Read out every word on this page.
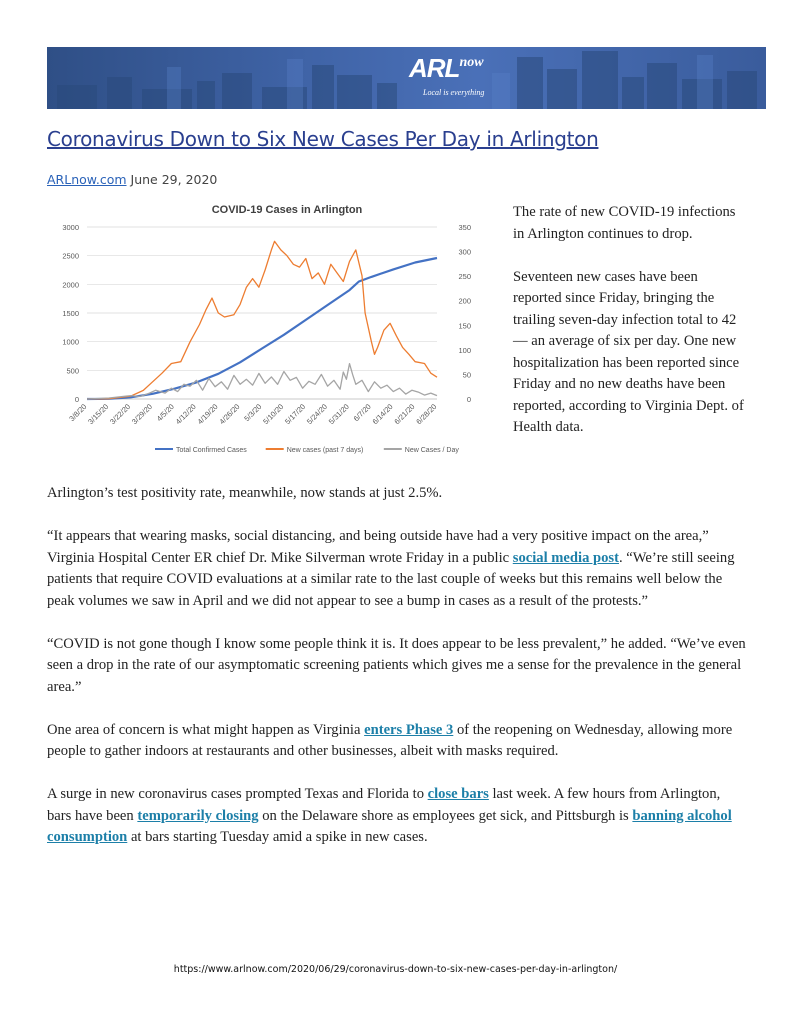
ARLnow
Local is everything
Coronavirus Down to Six New Cases Per Day in Arlington
ARLnow.com June 29, 2020
COVID-19 Cases in Arlington
0
500
1000
1500
2000
2500
3000
0
50
100
150
200
250
300
350
3/8/20
3/15/20
3/22/20
3/29/20 4/5/20
4/12/20
4/19/20
4/26/20 5/3/20
5/10/20
5/17/20
5/24/20
5/31/20 6/7/20
6/14/20
6/21/20
6/28/20
Total Confirmed Cases	New cases (past 7 days)	New Cases / Day

The rate of new COVID-19 infections in Arlington continues to drop.

Seventeen new cases have been reported since Friday, bringing the trailing seven-day infection total to 42 — an average of six per day. One new hospitalization has been reported since Friday and no new deaths have been reported, according to Virginia Dept. of Health data.

Arlington’s test positivity rate, meanwhile, now stands at just 2.5%.

“It appears that wearing masks, social distancing, and being outside have had a very positive impact on the area,” Virginia Hospital Center ER chief Dr. Mike Silverman wrote Friday in a public social media post. “We’re still seeing patients that require COVID evaluations at a similar rate to the last couple of weeks but this remains well below the peak volumes we saw in April and we did not appear to see a bump in cases as a result of the protests.”

“COVID is not gone though I know some people think it is. It does appear to be less prevalent,” he added. “We’ve even seen a drop in the rate of our asymptomatic screening patients which gives me a sense for the prevalence in the general area.”

One area of concern is what might happen as Virginia enters Phase 3 of the reopening on Wednesday, allowing more people to gather indoors at restaurants and other businesses, albeit with masks required.

A surge in new coronavirus cases prompted Texas and Florida to close bars last week. A few hours from Arlington, bars have been temporarily closing on the Delaware shore as employees get sick, and Pittsburgh is banning alcohol consumption at bars starting Tuesday amid a spike in new cases.

https://www.arlnow.com/2020/06/29/coronavirus-down-to-six-new-cases-per-day-in-arlington/
